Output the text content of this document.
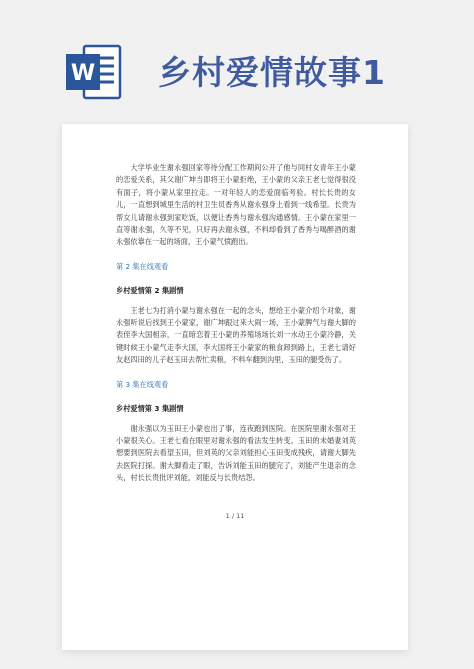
W 乡村爱情故事1

大学毕业生谢永强回家等待分配工作期间公开了他与同村女青年王小蒙的恋爱关系，其父谢广坤当即将王小蒙拒绝，王小蒙的父亲王老七觉得很没有面子，将小蒙从家里拉走。一对年轻人的恋爱面临考验。村长长贵的女儿，一直想到城里生活的村卫生员香秀从谢永强身上看到一线希望。长贵为帮女儿请谢永强到家吃饭，以便让香秀与谢永强沟通感情。王小蒙在家里一直等谢永强，久等不见，只好再去谢永强，不料却看到了香秀与喝醉酒的谢永强依靠在一起的场面，王小蒙气愤跑出。

第 2 集在线观看
乡村爱情第 2 集剧情

王老七为打消小蒙与谢永强在一起的念头，想给王小蒙介绍个对象，谢永强听说后找到王小蒙家，谢广坤跟过来大闹一场，王小蒙脾气与谢大脚的表侄李大国相亲，一直暗恋着王小蒙的养殖场场长刘一水动王小蒙冷静，关键时候王小蒙气走李大国，李大国将王小蒙家的粮食卸到路上，王老七请好友赵四田的儿子赵玉田去帮忙卖粮，不料车翻到沟里，玉田的腿受伤了。

第 3 集在线观看
乡村爱情第 3 集剧情

谢永强以为玉田王小蒙也出了事，连夜跑到医院。在医院里谢永强对王小蒙很关心。王老七看在眼里对谢永强的看法发生转变。玉田的未婚妻刘英想要到医院去看望玉田，但刘英的父亲刘能担心玉田变成残疾，请谢大脚先去医院打探。谢大脚看走了眼，告诉刘能玉田的腿完了，刘能产生退亲的念头，村长长贵批评刘能，刘能反与长贵结怨。

1 / 11
